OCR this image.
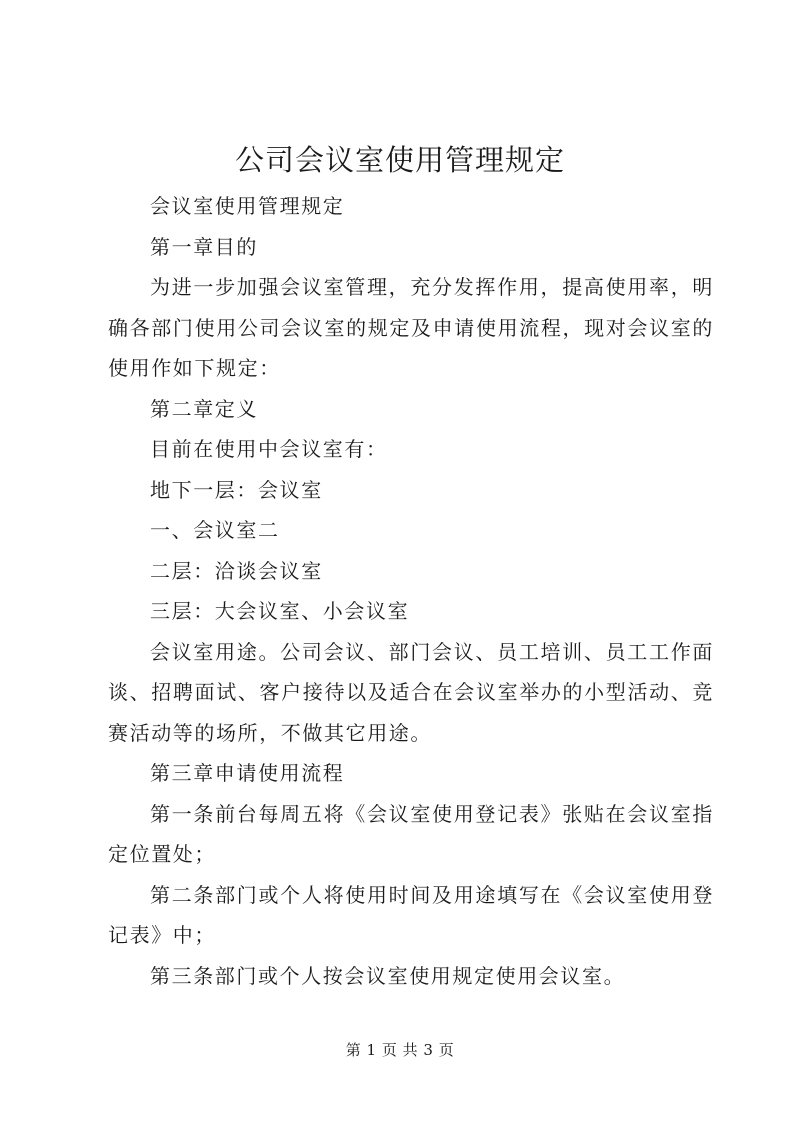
公司会议室使用管理规定

会议室使用管理规定

第一章目的

为进一步加强会议室管理，充分发挥作用，提高使用率，明确各部门使用公司会议室的规定及申请使用流程，现对会议室的使用作如下规定：

第二章定义

目前在使用中会议室有：

地下一层：会议室

一、会议室二

二层：洽谈会议室

三层：大会议室、小会议室

会议室用途。公司会议、部门会议、员工培训、员工工作面谈、招聘面试、客户接待以及适合在会议室举办的小型活动、竞赛活动等的场所，不做其它用途。

第三章申请使用流程

第一条前台每周五将《会议室使用登记表》张贴在会议室指定位置处；

第二条部门或个人将使用时间及用途填写在《会议室使用登记表》中；

第三条部门或个人按会议室使用规定使用会议室。

第 1 页 共 3 页
